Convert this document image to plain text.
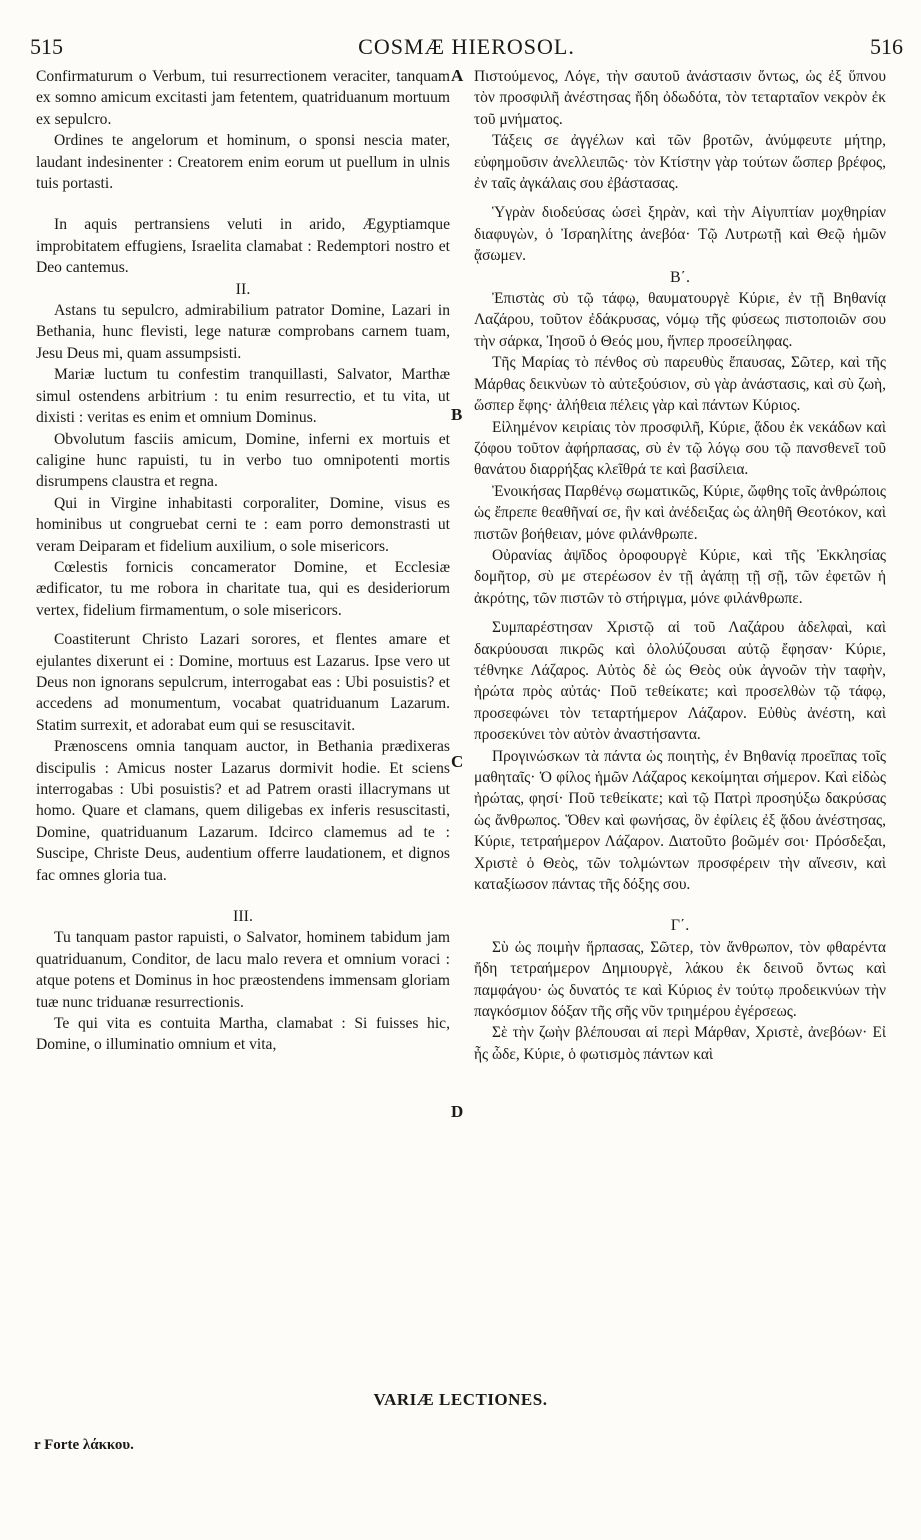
515	COSMÆ HIEROSOL.	516
A
B
C
D

Confirmaturum o Verbum, tui resurrectionem veraciter, tanquam ex somno amicum excitasti jam fetentem, quatriduanum mortuum ex sepulcro.

Ordines te angelorum et hominum, o sponsi nescia mater, laudant indesinenter : Creatorem enim eorum ut puellum in ulnis tuis portasti.

In aquis pertransiens veluti in arido, Ægyptiamque improbitatem effugiens, Israelita clamabat : Redemptori nostro et Deo cantemus.

II.

Astans tu sepulcro, admirabilium patrator Domine, Lazari in Bethania, hunc flevisti, lege naturæ comprobans carnem tuam, Jesu Deus mi, quam assumpsisti.

Mariæ luctum tu confestim tranquillasti, Salvator, Marthæ simul ostendens arbitrium : tu enim resurrectio, et tu vita, ut dixisti : veritas es enim et omnium Dominus.

Obvolutum fasciis amicum, Domine, inferni ex mortuis et caligine hunc rapuisti, tu in verbo tuo omnipotenti mortis disrumpens claustra et regna.

Qui in Virgine inhabitasti corporaliter, Domine, visus es hominibus ut congruebat cerni te : eam porro demonstrasti ut veram Deiparam et fidelium auxilium, o sole misericors.

Cœlestis fornicis concamerator Domine, et Ecclesiæ ædificator, tu me robora in charitate tua, qui es desideriorum vertex, fidelium firmamentum, o sole misericors.

Coastiterunt Christo Lazari sorores, et flentes amare et ejulantes dixerunt ei : Domine, mortuus est Lazarus. Ipse vero ut Deus non ignorans sepulcrum, interrogabat eas : Ubi posuistis? et accedens ad monumentum, vocabat quatriduanum Lazarum. Statim surrexit, et adorabat eum qui se resuscitavit.

Prænoscens omnia tanquam auctor, in Bethania prædixeras discipulis : Amicus noster Lazarus dormivit hodie. Et sciens interrogabas : Ubi posuistis? et ad Patrem orasti illacrymans ut homo. Quare et clamans, quem diligebas ex inferis resuscitasti, Domine, quatriduanum Lazarum. Idcirco clamemus ad te : Suscipe, Christe Deus, audentium offerre laudationem, et dignos fac omnes gloria tua.

III.

Tu tanquam pastor rapuisti, o Salvator, hominem tabidum jam quatriduanum, Conditor, de lacu malo revera et omnium voraci : atque potens et Dominus in hoc præostendens immensam gloriam tuæ nunc triduanæ resurrectionis.

Te qui vita es contuita Martha, clamabat : Si fuisses hic, Domine, o illuminatio omnium et vita,

Πιστούμενος, Λόγε, τὴν σαυτοῦ ἀνάστασιν ὄντως, ὡς ἐξ ὕπνου τὸν προσφιλῆ ἀνέστησας ἤδη ὀδωδότα, τὸν τεταρταῖον νεκρὸν ἐκ τοῦ μνήματος.

Τάξεις σε ἀγγέλων καὶ τῶν βροτῶν, ἀνύμφευτε μήτηρ, εὐφημοῦσιν ἀνελλειπῶς· τὸν Κτίστην γὰρ τούτων ὥσπερ βρέφος, ἐν ταῖς ἀγκάλαις σου ἐβάστασας.

Ὑγρὰν διοδεύσας ὡσεὶ ξηρὰν, καὶ τὴν Αἰγυπτίαν μοχθηρίαν διαφυγὼν, ὁ Ἰσραηλίτης ἀνεβόα· Τῷ Λυτρωτῇ καὶ Θεῷ ἡμῶν ᾄσωμεν.

Β΄.

Ἐπιστὰς σὺ τῷ τάφῳ, θαυματουργὲ Κύριε, ἐν τῇ Βηθανίᾳ Λαζάρου, τοῦτον ἐδάκρυσας, νόμῳ τῆς φύσεως πιστοποιῶν σου τὴν σάρκα, Ἰησοῦ ὁ Θεός μου, ἥνπερ προσείληφας.

Τῆς Μαρίας τὸ πένθος σὺ παρευθὺς ἔπαυσας, Σῶτερ, καὶ τῆς Μάρθας δεικνὺων τὸ αὐτεξούσιον, σὺ γὰρ ἀνάστασις, καὶ σὺ ζωὴ, ὥσπερ ἔφης· ἀλήθεια πέλεις γὰρ καὶ πάντων Κύριος.

Εἰλημένον κειρίαις τὸν προσφιλῆ, Κύριε, ᾅδου ἐκ νεκάδων καὶ ζόφου τοῦτον ἀφήρπασας, σὺ ἐν τῷ λόγῳ σου τῷ πανσθενεῖ τοῦ θανάτου διαρρήξας κλεῖθρά τε καὶ βασίλεια.

Ἐνοικήσας Παρθένῳ σωματικῶς, Κύριε, ὤφθης τοῖς ἀνθρώποις ὡς ἔπρεπε θεαθῆναί σε, ἣν καὶ ἀνέδειξας ὡς ἀληθῆ Θεοτόκον, καὶ πιστῶν βοήθειαν, μόνε φιλάνθρωπε.

Οὐρανίας ἀψῖδος ὀροφουργὲ Κύριε, καὶ τῆς Ἐκκλησίας δομῆτορ, σὺ με στερέωσον ἐν τῇ ἀγάπῃ τῇ σῇ, τῶν ἐφετῶν ἡ ἀκρότης, τῶν πιστῶν τὸ στήριγμα, μόνε φιλάνθρωπε.

Συμπαρέστησαν Χριστῷ αἱ τοῦ Λαζάρου ἀδελφαὶ, καὶ δακρύουσαι πικρῶς καὶ ὀλολύζουσαι αὐτῷ ἔφησαν· Κύριε, τέθνηκε Λάζαρος. Αὐτὸς δὲ ὡς Θεὸς οὐκ ἀγνοῶν τὴν ταφὴν, ἠρώτα πρὸς αὐτάς· Ποῦ τεθείκατε; καὶ προσελθὼν τῷ τάφῳ, προσεφώνει τὸν τεταρτήμερον Λάζαρον. Εὐθὺς ἀνέστη, καὶ προσεκύνει τὸν αὐτὸν ἀναστήσαντα.

Προγινώσκων τὰ πάντα ὡς ποιητὴς, ἐν Βηθανίᾳ προεῖπας τοῖς μαθηταῖς· Ὁ φίλος ἡμῶν Λάζαρος κεκοίμηται σήμερον. Καὶ εἰδὼς ἠρώτας, φησί· Ποῦ τεθείκατε; καὶ τῷ Πατρὶ προσηύξω δακρύσας ὡς ἄνθρωπος. Ὅθεν καὶ φωνήσας, ὃν ἐφίλεις ἐξ ᾅδου ἀνέστησας, Κύριε, τετραήμερον Λάζαρον. Διατοῦτο βοῶμέν σοι· Πρόσδεξαι, Χριστὲ ὁ Θεὸς, τῶν τολμώντων προσφέρειν τὴν αἴνεσιν, καὶ καταξίωσον πάντας τῆς δόξης σου.

Γ΄.

Σὺ ὡς ποιμὴν ἥρπασας, Σῶτερ, τὸν ἄνθρωπον, τὸν φθαρέντα ἤδη τετραήμερον Δημιουργὲ, λάκου ἐκ δεινοῦ ὄντως καὶ παμφάγου· ὡς δυνατός τε καὶ Κύριος ἐν τούτῳ προδεικνύων τὴν παγκόσμιον δόξαν τῆς σῆς νῦν τριημέρου ἐγέρσεως.

Σὲ τὴν ζωὴν βλέπουσαι αἱ περὶ Μάρθαν, Χριστὲ, ἀνεβόων· Εἰ ἦς ὧδε, Κύριε, ὁ φωτισμὸς πάντων καὶ

VARIÆ LECTIONES.
r Forte λάκκου.
